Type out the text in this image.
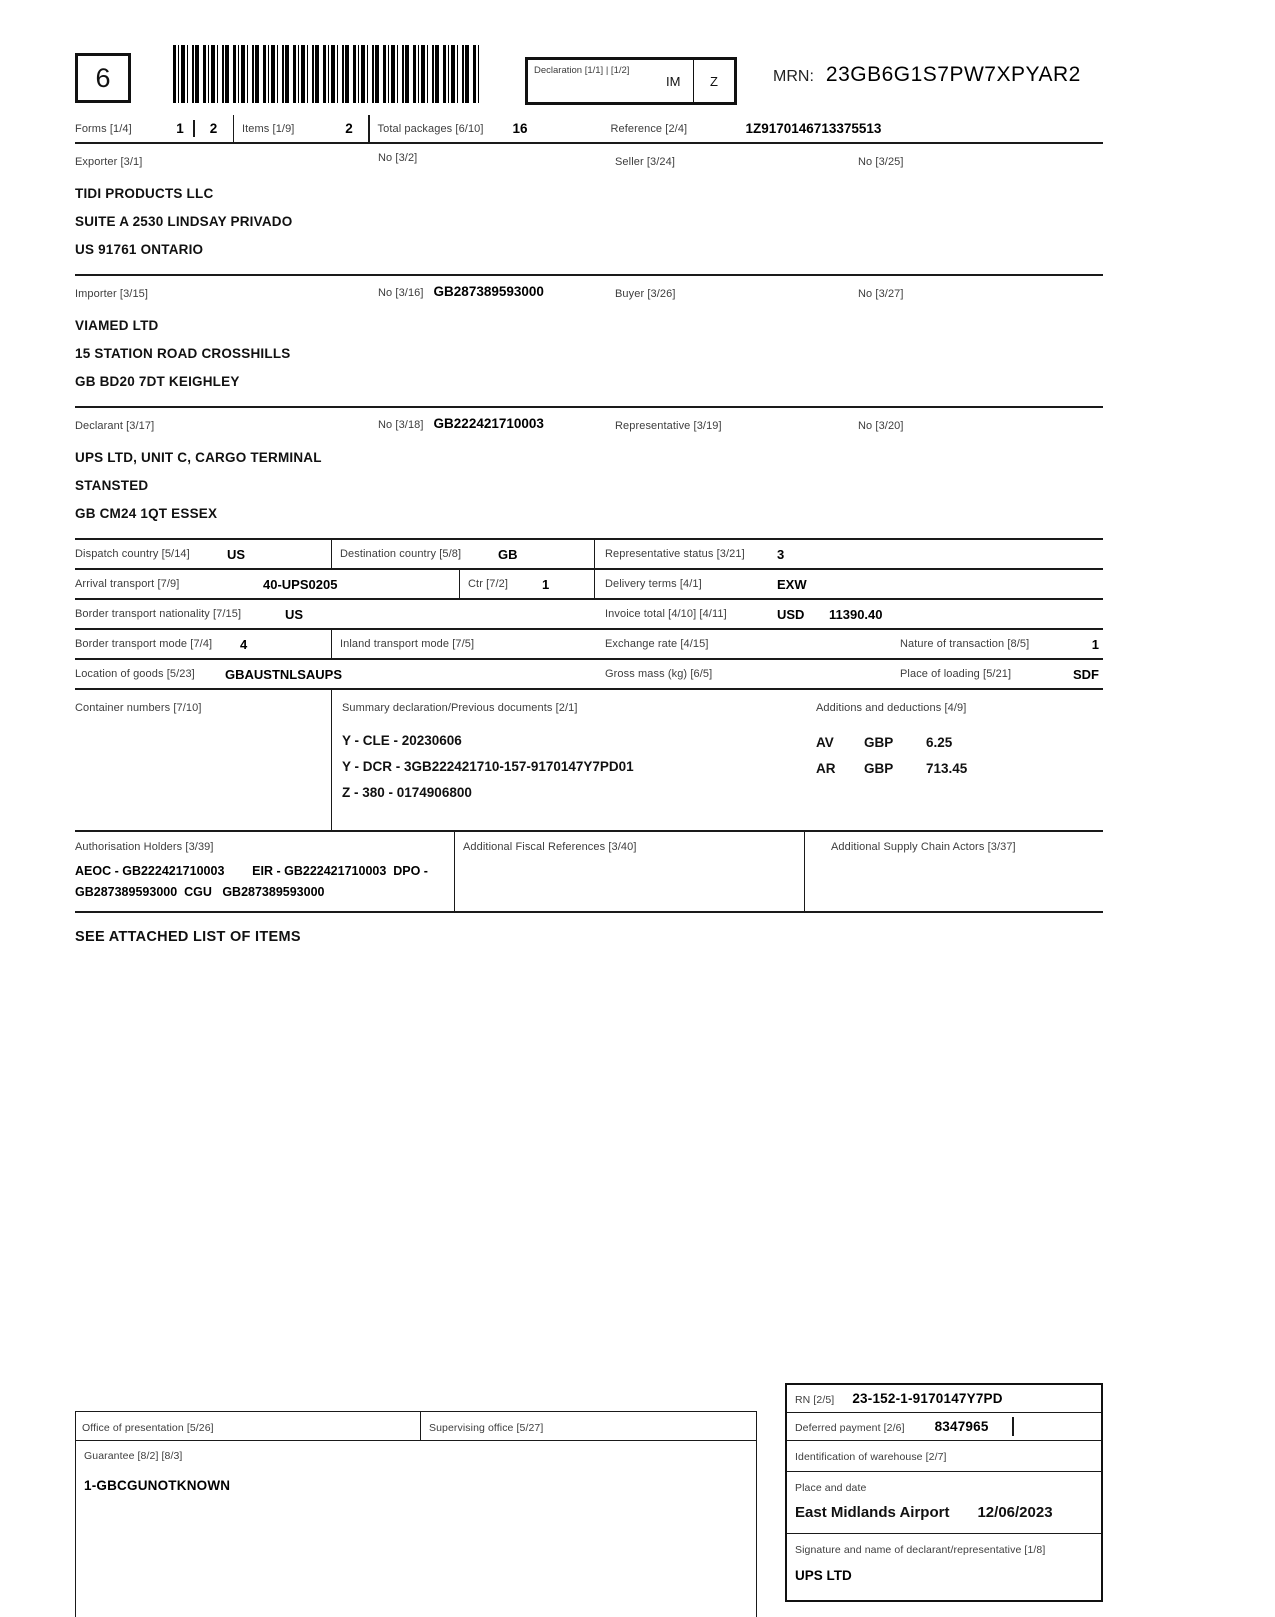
6	Declaration [1/1] | [1/2]
IM	Z	MRN: 23GB6G1S7PW7XPYAR2
Forms [1/4]	1	2	Items [1/9]	2	Total packages [6/10]	16	Reference [2/4]	1Z9170146713375513
Exporter [3/1]
TIDI PRODUCTS LLC
SUITE A 2530 LINDSAY PRIVADO
US 91761 ONTARIO
No [3/2]	Seller [3/24]	No [3/25]
Importer [3/15]
VIAMED LTD
15 STATION ROAD CROSSHILLS
GB BD20 7DT KEIGHLEY
No [3/16] GB287389593000	Buyer [3/26]	No [3/27]
Declarant [3/17]
UPS LTD, UNIT C, CARGO TERMINAL
STANSTED
GB CM24 1QT ESSEX
No [3/18] GB222421710003	Representative [3/19]	No [3/20]
Dispatch country [5/14]	US	Destination country [5/8]	GB	Representative status [3/21]	3
Arrival transport [7/9]	40-UPS0205	Ctr [7/2]	1	Delivery terms [4/1]	EXW
Border transport nationality [7/15]	US	Invoice total [4/10] [4/11]	USD	11390.40
Border transport mode [7/4]	4	Inland transport mode [7/5]	Exchange rate [4/15]	Nature of transaction [8/5]	1
Location of goods [5/23]	GBAUSTNLSAUPS	Gross mass (kg) [6/5]	Place of loading [5/21]	SDF
Container numbers [7/10]	Summary declaration/Previous documents [2/1]
Y - CLE - 20230606
Y - DCR - 3GB222421710-157-9170147Y7PD01
Z - 380 - 0174906800
Additions and deductions [4/9]
AV	GBP	6.25
AR	GBP	713.45
Authorisation Holders [3/39]
AEOC - GB222421710003        EIR - GB222421710003  DPO - GB287389593000  CGU   GB287389593000
Additional Fiscal References [3/40]	Additional Supply Chain Actors [3/37]
SEE ATTACHED LIST OF ITEMS
Office of presentation [5/26]	Supervising office [5/27]
Guarantee [8/2] [8/3]
1-GBCGUNOTKNOWN
RN [2/5] 23-152-1-9170147Y7PD
Deferred payment [2/6] 8347965
Identification of warehouse [2/7]
Place and date
East Midlands Airport 12/06/2023
Signature and name of declarant/representative [1/8]
UPS LTD
